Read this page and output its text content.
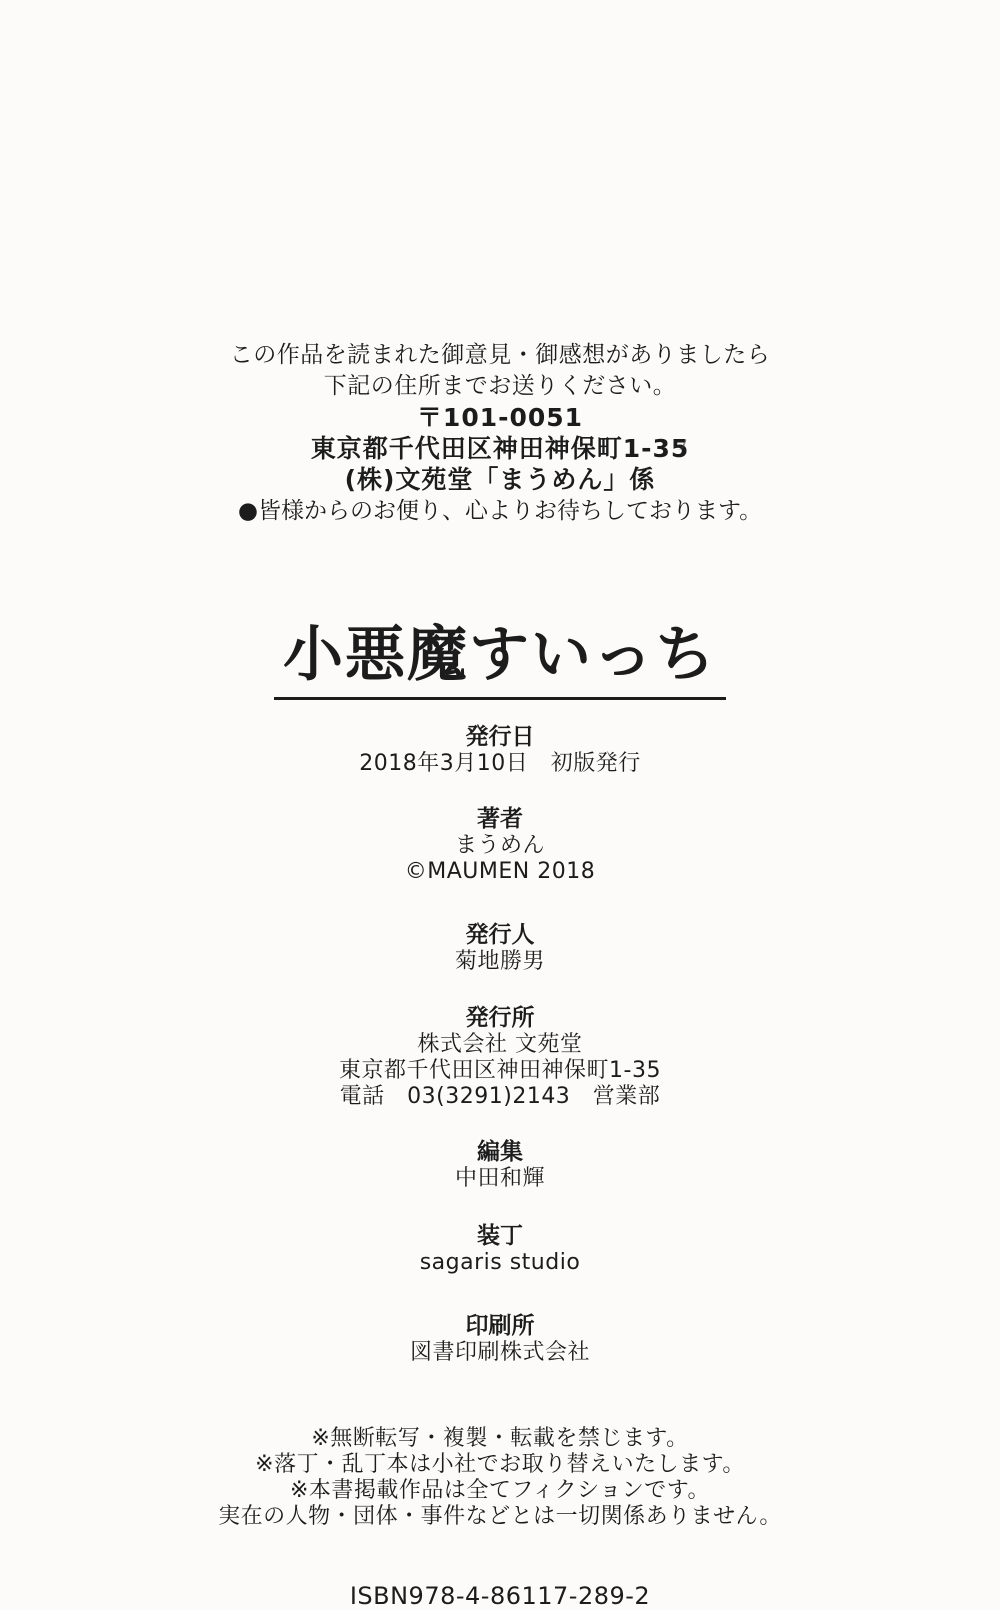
この作品を読まれた御意見・御感想がありましたら
下記の住所までお送りください。
〒101-0051
東京都千代田区神田神保町1-35
(株)文苑堂「まうめん」係
●皆様からのお便り、心よりお待ちしております。
小悪魔すいっち
発行日
2018年3月10日　初版発行
著者
まうめん
©MAUMEN 2018
発行人
菊地勝男
発行所
株式会社 文苑堂
東京都千代田区神田神保町1-35
電話　03(3291)2143　営業部
編集
中田和輝
装丁
sagaris studio
印刷所
図書印刷株式会社
※無断転写・複製・転載を禁じます。
※落丁・乱丁本は小社でお取り替えいたします。
※本書掲載作品は全てフィクションです。
実在の人物・団体・事件などとは一切関係ありません。
ISBN978-4-86117-289-2
